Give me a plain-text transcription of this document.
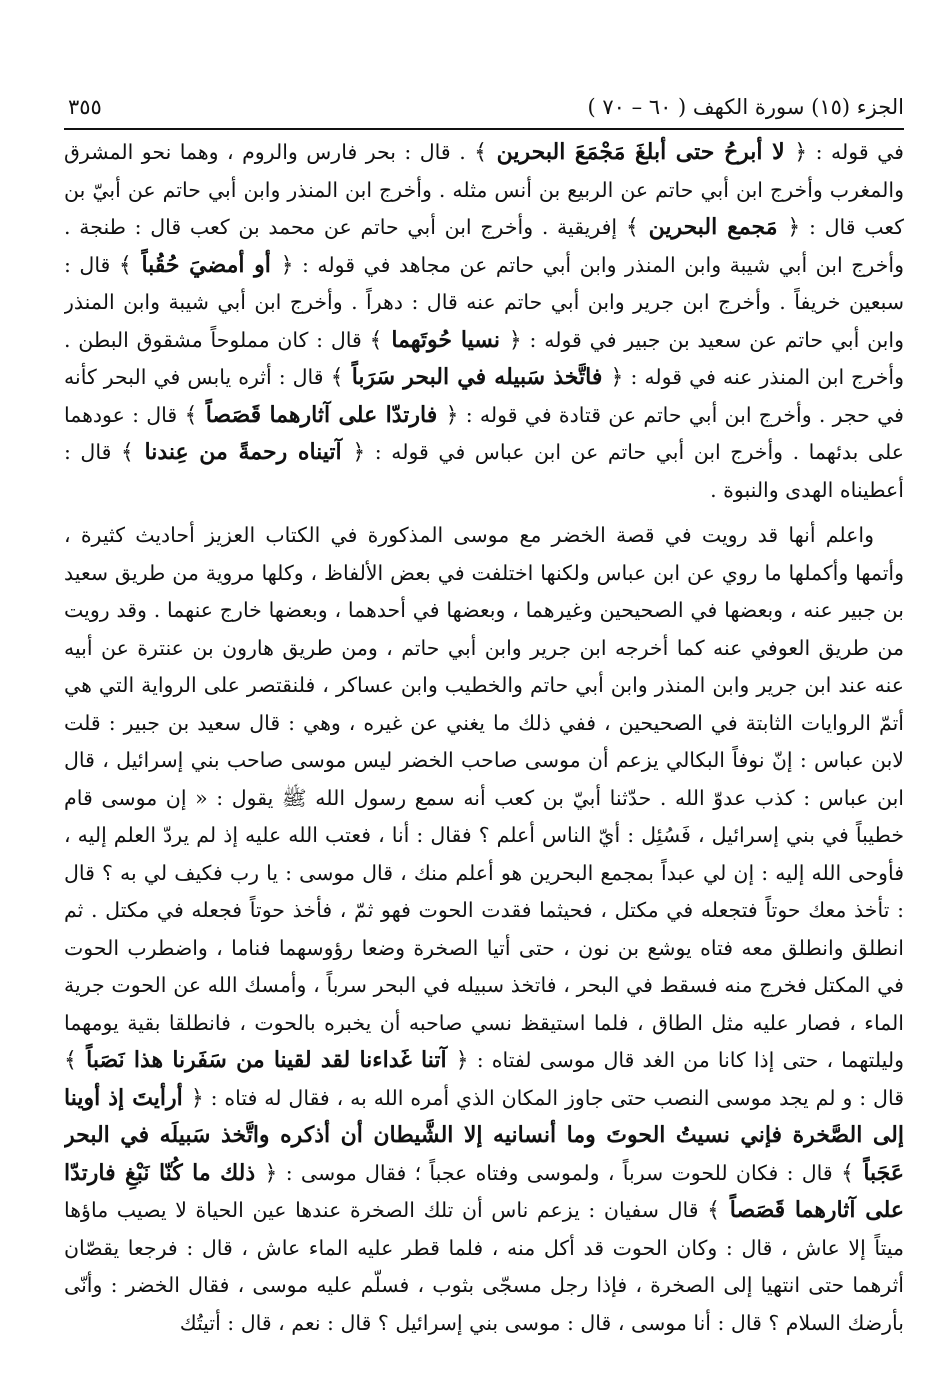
الجزء (١٥) سورة الكهف ( ٦٠ – ٧٠ )
٣٥٥

في قوله : ﴿ لا أبرحُ حتى أبلغَ مَجْمَعَ البحرين ﴾ . قال : بحر فارس والروم ، وهما نحو المشرق والمغرب وأخرج ابن أبي حاتم عن الربيع بن أنس مثله . وأخرج ابن المنذر وابن أبي حاتم عن أبيّ بن كعب قال : ﴿ مَجمع البحرين ﴾ إفريقية . وأخرج ابن أبي حاتم عن محمد بن كعب قال : طنجة . وأخرج ابن أبي شيبة وابن المنذر وابن أبي حاتم عن مجاهد في قوله : ﴿ أو أمضيَ حُقُباً ﴾ قال : سبعين خريفاً . وأخرج ابن جرير وابن أبي حاتم عنه قال : دهراً . وأخرج ابن أبي شيبة وابن المنذر وابن أبي حاتم عن سعيد بن جبير في قوله : ﴿ نسيا حُوتَهما ﴾ قال : كان مملوحاً مشقوق البطن . وأخرج ابن المنذر عنه في قوله : ﴿ فاتَّخذ سَبيله في البحر سَرَباً ﴾ قال : أثره يابس في البحر كأنه في حجر . وأخرج ابن أبي حاتم عن قتادة في قوله : ﴿ فارتدّا على آثارهما قَصَصاً ﴾ قال : عودهما على بدئهما . وأخرج ابن أبي حاتم عن ابن عباس في قوله : ﴿ آتيناه رحمةً من عِندنا ﴾ قال : أعطيناه الهدى والنبوة .

واعلم أنها قد رويت في قصة الخضر مع موسى المذكورة في الكتاب العزيز أحاديث كثيرة ، وأتمها وأكملها ما روي عن ابن عباس ولكنها اختلفت في بعض الألفاظ ، وكلها مروية من طريق سعيد بن جبير عنه ، وبعضها في الصحيحين وغيرهما ، وبعضها في أحدهما ، وبعضها خارج عنهما . وقد رويت من طريق العوفي عنه كما أخرجه ابن جرير وابن أبي حاتم ، ومن طريق هارون بن عنترة عن أبيه عنه عند ابن جرير وابن المنذر وابن أبي حاتم والخطيب وابن عساكر ، فلنقتصر على الرواية التي هي أتمّ الروايات الثابتة في الصحيحين ، ففي ذلك ما يغني عن غيره ، وهي : قال سعيد بن جبير : قلت لابن عباس : إنّ نوفاً البكالي يزعم أن موسى صاحب الخضر ليس موسى صاحب بني إسرائيل ، قال ابن عباس : كذب عدوّ الله . حدّثنا أبيّ بن كعب أنه سمع رسول الله ﷺ يقول : « إن موسى قام خطيباً في بني إسرائيل ، فَسُئِل : أيّ الناس أعلم ؟ فقال : أنا ، فعتب الله عليه إذ لم يردّ العلم إليه ، فأوحى الله إليه : إن لي عبداً بمجمع البحرين هو أعلم منك ، قال موسى : يا رب فكيف لي به ؟ قال : تأخذ معك حوتاً فتجعله في مكتل ، فحيثما فقدت الحوت فهو ثمّ ، فأخذ حوتاً فجعله في مكتل . ثم انطلق وانطلق معه فتاه يوشع بن نون ، حتى أتيا الصخرة وضعا رؤوسهما فناما ، واضطرب الحوت في المكتل فخرج منه فسقط في البحر ، فاتخذ سبيله في البحر سرباً ، وأمسك الله عن الحوت جرية الماء ، فصار عليه مثل الطاق ، فلما استيقظ نسي صاحبه أن يخبره بالحوت ، فانطلقا بقية يومهما وليلتهما ، حتى إذا كانا من الغد قال موسى لفتاه : ﴿ آتنا غَداءنا لقد لقينا من سَفَرنا هذا نَصَباً ﴾ قال : و لم يجد موسى النصب حتى جاوز المكان الذي أمره الله به ، فقال له فتاه : ﴿ أرأيتَ إذ أوينا إلى الصَّخرة فإني نسيتُ الحوتَ وما أنسانيه إلا الشَّيطان أن أذكره واتَّخذ سَبيلَه في البحر عَجَباً ﴾ قال : فكان للحوت سرباً ، ولموسى وفتاه عجباً ؛ فقال موسى : ﴿ ذلك ما كُنّا نَبْغِ فارتدّا على آثارهما قَصَصاً ﴾ قال سفيان : يزعم ناس أن تلك الصخرة عندها عين الحياة لا يصيب ماؤها ميتاً إلا عاش ، قال : وكان الحوت قد أكل منه ، فلما قطر عليه الماء عاش ، قال : فرجعا يقصّان أثرهما حتى انتهيا إلى الصخرة ، فإذا رجل مسجّى بثوب ، فسلّم عليه موسى ، فقال الخضر : وأنّى بأرضك السلام ؟ قال : أنا موسى ، قال : موسى بني إسرائيل ؟ قال : نعم ، قال : أتيتُك
